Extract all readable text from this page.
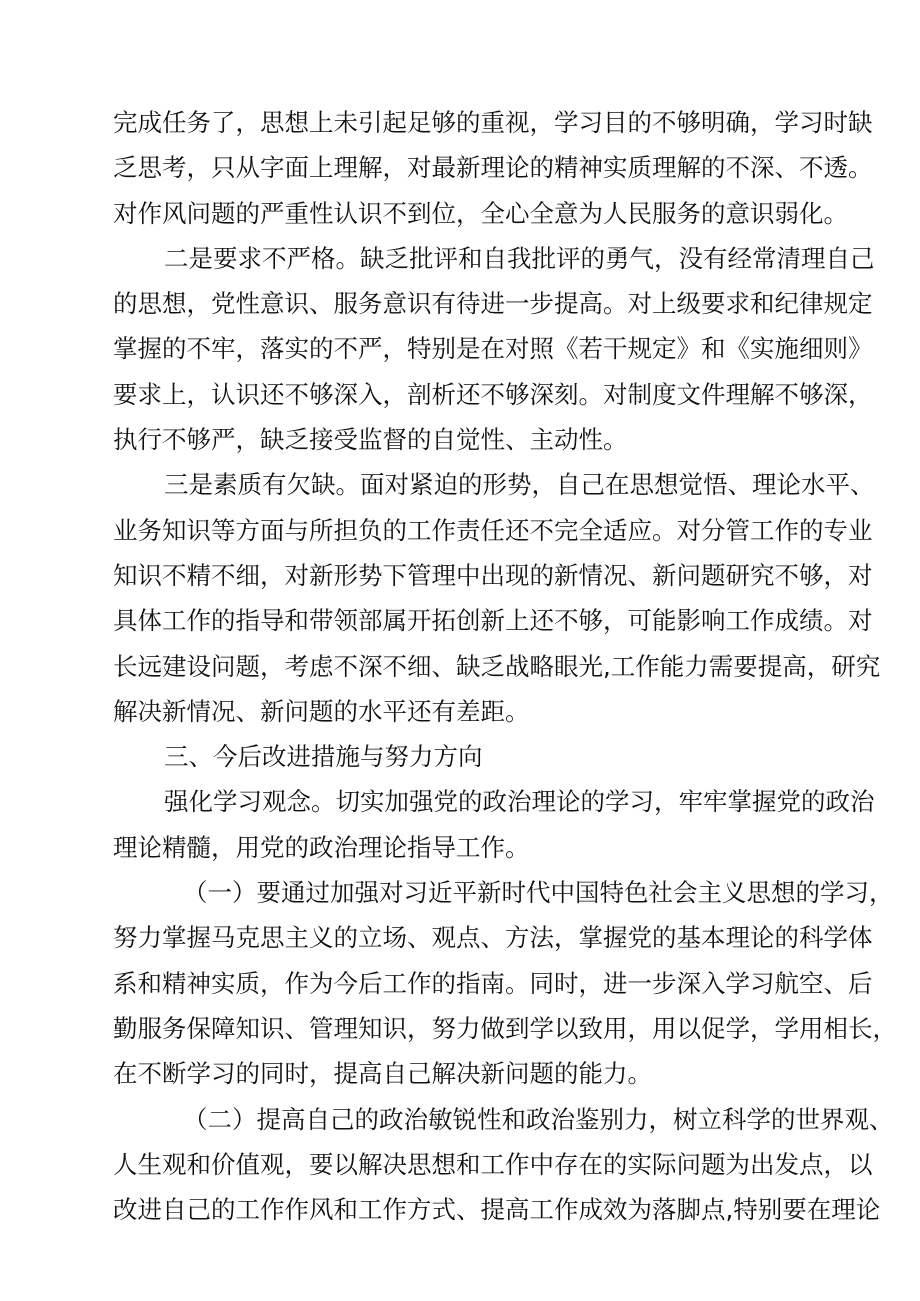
完成任务了，思想上未引起足够的重视，学习目的不够明确，学习时缺
乏思考，只从字面上理解，对最新理论的精神实质理解的不深、不透。
对作风问题的严重性认识不到位，全心全意为人民服务的意识弱化。
二是要求不严格。缺乏批评和自我批评的勇气，没有经常清理自己
的思想，党性意识、服务意识有待进一步提高。对上级要求和纪律规定
掌握的不牢，落实的不严，特别是在对照《若干规定》和《实施细则》
要求上，认识还不够深入，剖析还不够深刻。对制度文件理解不够深，
执行不够严，缺乏接受监督的自觉性、主动性。
三是素质有欠缺。面对紧迫的形势，自己在思想觉悟、理论水平、
业务知识等方面与所担负的工作责任还不完全适应。对分管工作的专业
知识不精不细，对新形势下管理中出现的新情况、新问题研究不够，对
具体工作的指导和带领部属开拓创新上还不够，可能影响工作成绩。对
长远建设问题，考虑不深不细、缺乏战略眼光,工作能力需要提高，研究
解决新情况、新问题的水平还有差距。
三、今后改进措施与努力方向
强化学习观念。切实加强党的政治理论的学习，牢牢掌握党的政治
理论精髓，用党的政治理论指导工作。
（一）要通过加强对习近平新时代中国特色社会主义思想的学习，
努力掌握马克思主义的立场、观点、方法，掌握党的基本理论的科学体
系和精神实质，作为今后工作的指南。同时，进一步深入学习航空、后
勤服务保障知识、管理知识，努力做到学以致用，用以促学，学用相长，
在不断学习的同时，提高自己解决新问题的能力。
（二）提高自己的政治敏锐性和政治鉴别力，树立科学的世界观、
人生观和价值观，要以解决思想和工作中存在的实际问题为出发点，以
改进自己的工作作风和工作方式、提高工作成效为落脚点,特别要在理论
